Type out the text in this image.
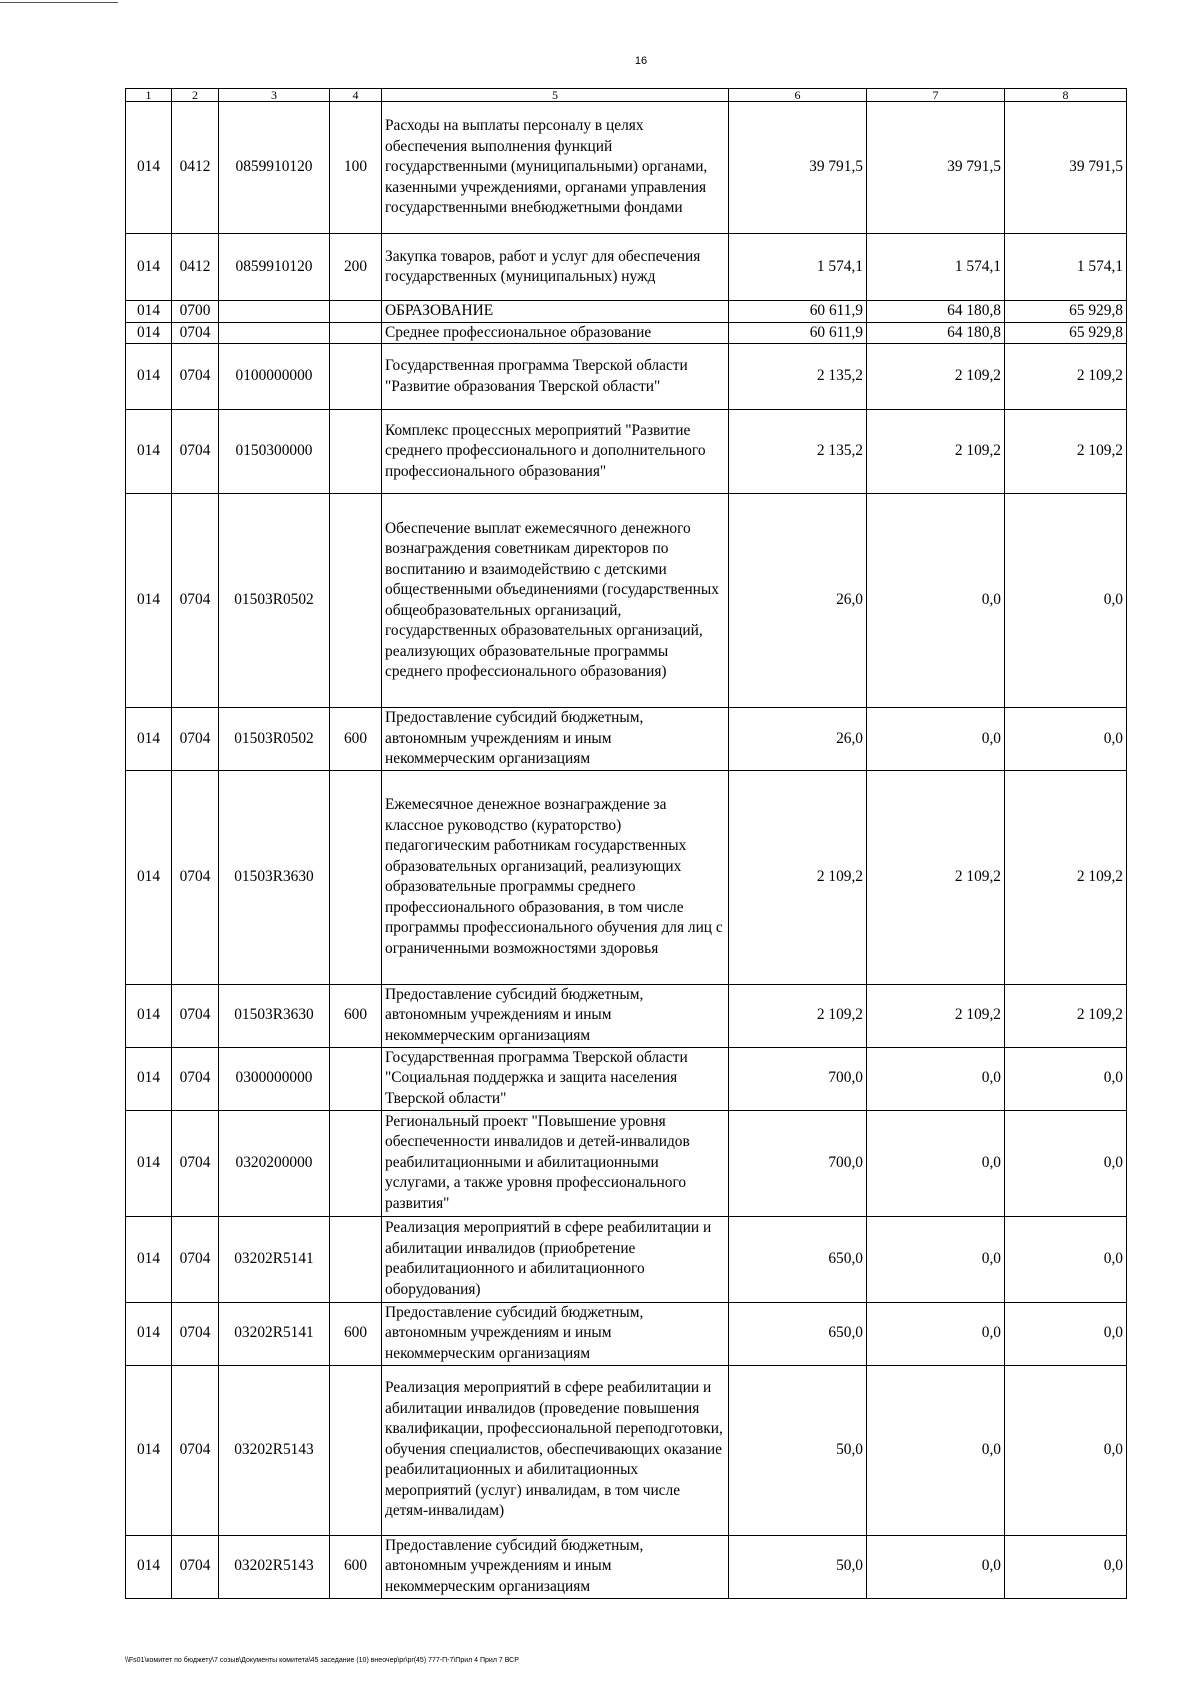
16
1	2	3	4	5	6	7	8
014	0412	0859910120	100	Расходы на выплаты персоналу в целях обеспечения выполнения функций государственными (муниципальными) органами, казенными учреждениями, органами управления государственными внебюджетными фондами	39 791,5	39 791,5	39 791,5
014	0412	0859910120	200	Закупка товаров, работ и услуг для обеспечения государственных (муниципальных) нужд	1 574,1	1 574,1	1 574,1
014	0700			ОБРАЗОВАНИЕ	60 611,9	64 180,8	65 929,8
014	0704			Среднее профессиональное образование	60 611,9	64 180,8	65 929,8
014	0704	0100000000		Государственная программа Тверской области "Развитие образования Тверской области"	2 135,2	2 109,2	2 109,2
014	0704	0150300000		Комплекс процессных мероприятий "Развитие среднего профессионального и дополнительного профессионального образования"	2 135,2	2 109,2	2 109,2
014	0704	01503R0502		Обеспечение выплат ежемесячного денежного вознаграждения советникам директоров по воспитанию и взаимодействию с детскими общественными объединениями (государственных общеобразовательных организаций, государственных образовательных организаций, реализующих образовательные программы среднего профессионального образования)	26,0	0,0	0,0
014	0704	01503R0502	600	Предоставление субсидий бюджетным, автономным учреждениям и иным некоммерческим организациям	26,0	0,0	0,0
014	0704	01503R3630		Ежемесячное денежное вознаграждение за классное руководство (кураторство) педагогическим работникам государственных образовательных организаций, реализующих образовательные программы среднего профессионального образования, в том числе программы профессионального обучения для лиц с ограниченными возможностями здоровья	2 109,2	2 109,2	2 109,2
014	0704	01503R3630	600	Предоставление субсидий бюджетным, автономным учреждениям и иным некоммерческим организациям	2 109,2	2 109,2	2 109,2
014	0704	0300000000		Государственная программа Тверской области "Социальная поддержка и защита населения Тверской области"	700,0	0,0	0,0
014	0704	0320200000		Региональный проект "Повышение уровня обеспеченности инвалидов и детей-инвалидов реабилитационными и абилитационными услугами, а также уровня профессионального развития"	700,0	0,0	0,0
014	0704	03202R5141		Реализация мероприятий в сфере реабилитации и абилитации инвалидов (приобретение реабилитационного и абилитационного оборудования)	650,0	0,0	0,0
014	0704	03202R5141	600	Предоставление субсидий бюджетным, автономным учреждениям и иным некоммерческим организациям	650,0	0,0	0,0
014	0704	03202R5143		Реализация мероприятий в сфере реабилитации и абилитации инвалидов (проведение повышения квалификации, профессиональной переподготовки, обучения специалистов, обеспечивающих оказание реабилитационных и абилитационных мероприятий (услуг) инвалидам, в том числе детям-инвалидам)	50,0	0,0	0,0
014	0704	03202R5143	600	Предоставление субсидий бюджетным, автономным учреждениям и иным некоммерческим организациям	50,0	0,0	0,0
\\Fs01\комитет по бюджету\7 созыв\Документы комитета\45 заседание (10) внеочер\pr\pr(45) 777-П-7\Прил 4 Прил 7 ВСР
